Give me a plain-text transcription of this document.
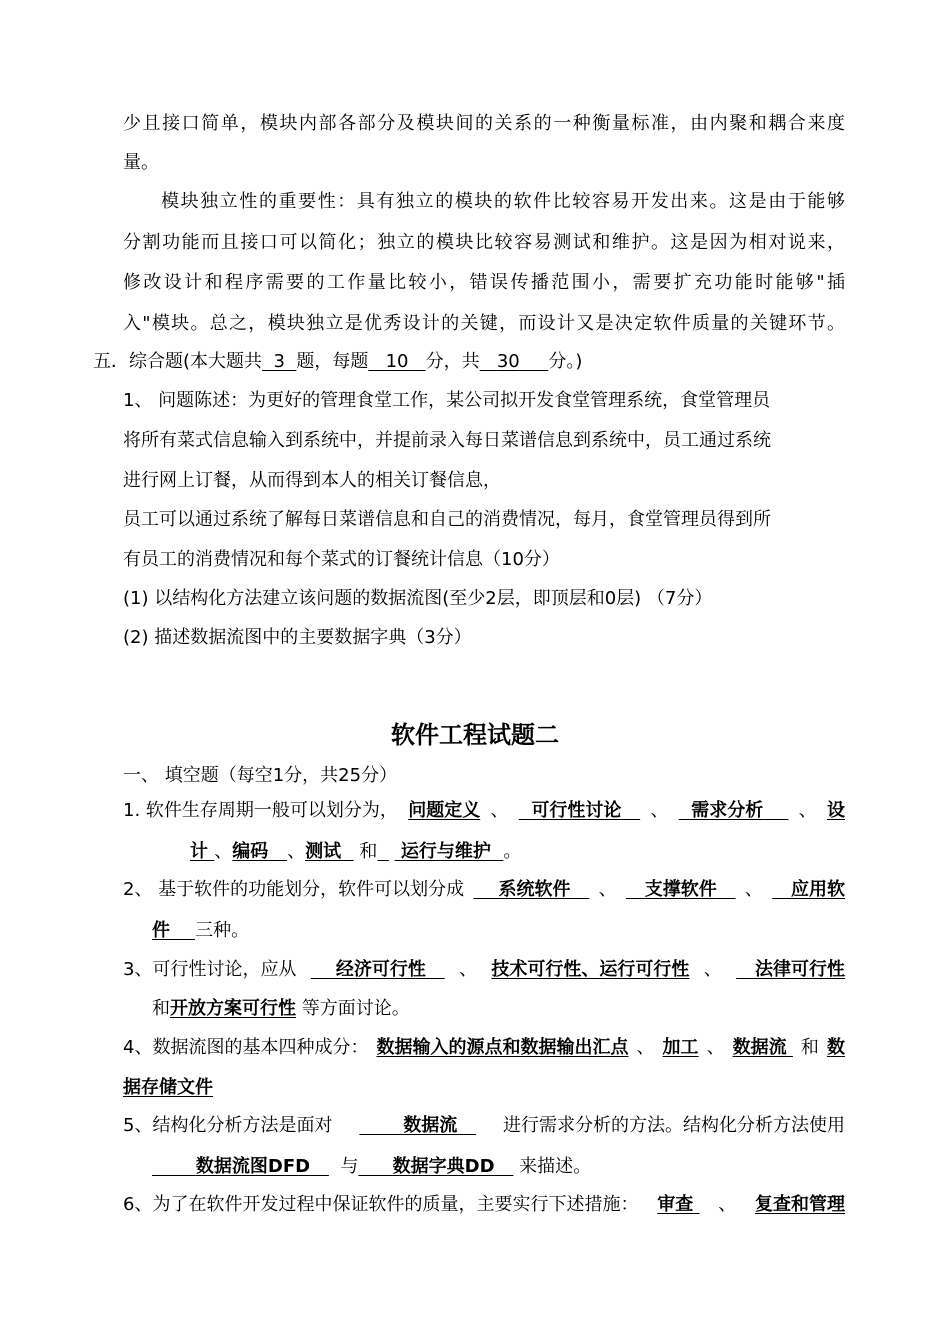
少且接口简单，模块内部各部分及模块间的关系的一种衡量标准，由内聚和耦合来度
量。
模块独立性的重要性：具有独立的模块的软件比较容易开发出来。这是由于能够
分割功能而且接口可以简化；独立的模块比较容易测试和维护。这是因为相对说来，
修改设计和程序需要的工作量比较小，错误传播范围小，需要扩充功能时能够"插
入"模块。总之，模块独立是优秀设计的关键，而设计又是决定软件质量的关键环节。
五．综合题(本大题共 3 题，每题 10 分，共 30 分。)
1、 问题陈述：为更好的管理食堂工作，某公司拟开发食堂管理系统，食堂管理员
将所有菜式信息输入到系统中，并提前录入每日菜谱信息到系统中，员工通过系统
进行网上订餐，从而得到本人的相关订餐信息，
员工可以通过系统了解每日菜谱信息和自己的消费情况，每月，食堂管理员得到所
有员工的消费情况和每个菜式的订餐统计信息（10分）
(1) 以结构化方法建立该问题的数据流图(至少2层，即顶层和0层) （7分）
(2) 描述数据流图中的主要数据字典（3分）
软件工程试题二
一、 填空题（每空1分，共25分）
1. 软件生存周期一般可以划分为， 问题定义 、	可行性讨论	、	需求分析	、 设
计 、编码 、测试 和 运行与维护 。
2、 基于软件的功能划分，软件可以划分成	系统软件	、	支撑软件	、	应用软
件 三种。
3、可行性讨论，应从	经济可行性	、 技术可行性、运行可行性 、	法律可行性
和开放方案可行性 等方面讨论。
4、数据流图的基本四种成分： 数据输入的源点和数据输出汇点 、 加工 、 数据流 和 数
据存储文件
5、结构化分析方法是面对	数据流	进行需求分析的方法。结构化分析方法使用
数据流图DFD 与 数据字典DD 来描述。
6、为了在软件开发过程中保证软件的质量，主要实行下述措施： 审查	、 复查和管理
